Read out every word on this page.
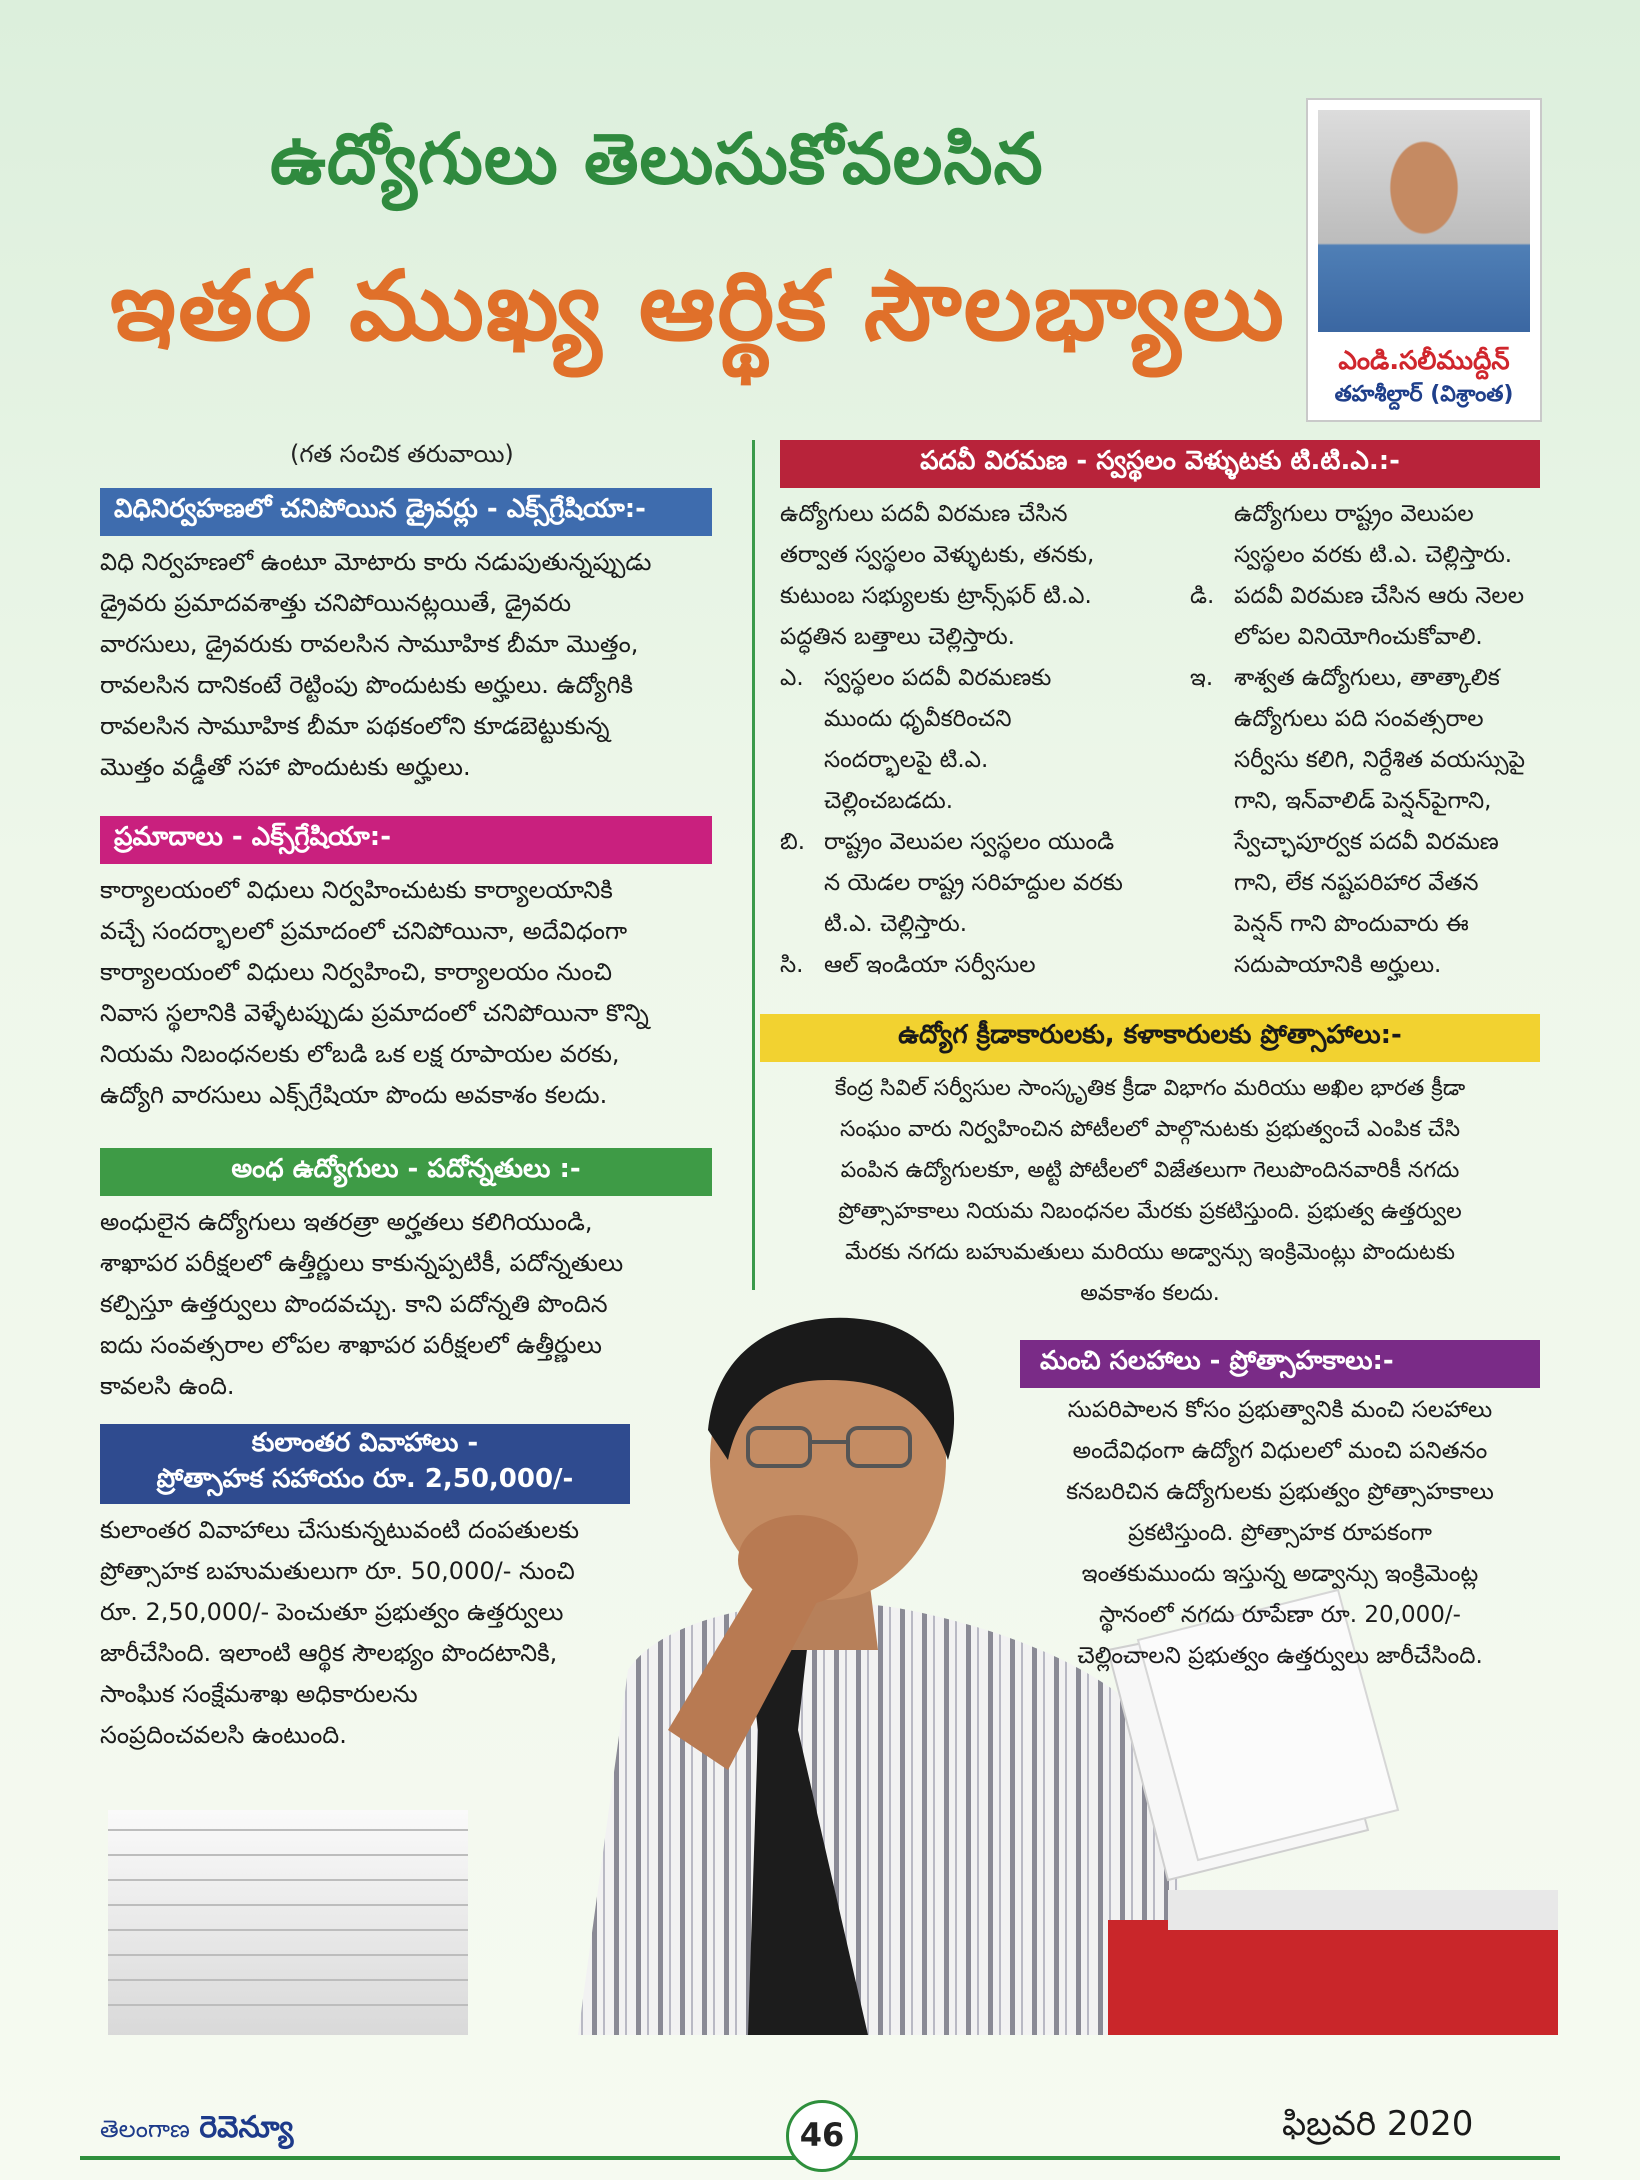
ఉద్యోగులు తెలుసుకోవలసిన
ఇతర ముఖ్య ఆర్థిక సౌలభ్యాలు	ఎండి.సలీముద్దీన్
తహశీల్దార్ (విశ్రాంత)
(గత సంచిక తరువాయి)
విధినిర్వహణలో చనిపోయిన డ్రైవర్లు - ఎక్స్‌గ్రేషియా:-
విధి నిర్వహణలో ఉంటూ మోటారు కారు నడుపుతున్నప్పుడు
డ్రైవరు ప్రమాదవశాత్తు చనిపోయినట్లయితే, డ్రైవరు
వారసులు, డ్రైవరుకు రావలసిన సామూహిక బీమా మొత్తం,
రావలసిన దానికంటే రెట్టింపు పొందుటకు అర్హులు. ఉద్యోగికి
రావలసిన సామూహిక బీమా పథకంలోని కూడబెట్టుకున్న
మొత్తం వడ్డీతో సహా పొందుటకు అర్హులు.
ప్రమాదాలు - ఎక్స్‌గ్రేషియా:-
కార్యాలయంలో విధులు నిర్వహించుటకు కార్యాలయానికి
వచ్చే సందర్భాలలో ప్రమాదంలో చనిపోయినా, అదేవిధంగా
కార్యాలయంలో విధులు నిర్వహించి, కార్యాలయం నుంచి
నివాస స్థలానికి వెళ్ళేటప్పుడు ప్రమాదంలో చనిపోయినా కొన్ని
నియమ నిబంధనలకు లోబడి ఒక లక్ష రూపాయల వరకు,
ఉద్యోగి వారసులు ఎక్స్‌గ్రేషియా పొందు అవకాశం కలదు.
అంధ ఉద్యోగులు - పదోన్నతులు :-
అంధులైన ఉద్యోగులు ఇతరత్రా అర్హతలు కలిగియుండి,
శాఖాపర పరీక్షలలో ఉత్తీర్ణులు కాకున్నప్పటికీ, పదోన్నతులు
కల్పిస్తూ ఉత్తర్వులు పొందవచ్చు. కాని పదోన్నతి పొందిన
ఐదు సంవత్సరాల లోపల శాఖాపర పరీక్షలలో ఉత్తీర్ణులు
కావలసి ఉంది.
కులాంతర వివాహాలు -
ప్రోత్సాహక సహాయం రూ. 2,50,000/-
కులాంతర వివాహాలు చేసుకున్నటువంటి దంపతులకు
ప్రోత్సాహక బహుమతులుగా రూ. 50,000/- నుంచి
రూ. 2,50,000/- పెంచుతూ ప్రభుత్వం ఉత్తర్వులు
జారీచేసింది. ఇలాంటి ఆర్థిక సౌలభ్యం పొందటానికి,
సాంఘిక సంక్షేమశాఖ అధికారులను
సంప్రదించవలసి ఉంటుంది.
పదవీ విరమణ - స్వస్థలం వెళ్ళుటకు టి.టి.ఎ.:-
ఉద్యోగులు పదవీ విరమణ చేసిన
తర్వాత స్వస్థలం వెళ్ళుటకు, తనకు,
కుటుంబ సభ్యులకు ట్రాన్స్‌ఫర్ టి.ఎ.
పద్ధతిన బత్తాలు చెల్లిస్తారు.
ఎ. స్వస్థలం పదవీ విరమణకు
ముందు ధృవీకరించని
సందర్భాలపై టి.ఎ.
చెల్లించబడదు.
బి. రాష్ట్రం వెలుపల స్వస్థలం యుండి
న యెడల రాష్ట్ర సరిహద్దుల వరకు
టి.ఎ. చెల్లిస్తారు.
సి. ఆల్ ఇండియా సర్వీసుల
ఉద్యోగులు రాష్ట్రం వెలుపల
స్వస్థలం వరకు టి.ఎ. చెల్లిస్తారు.
డి. పదవీ విరమణ చేసిన ఆరు నెలల
లోపల వినియోగించుకోవాలి.
ఇ. శాశ్వత ఉద్యోగులు, తాత్కాలిక
ఉద్యోగులు పది సంవత్సరాల
సర్వీసు కలిగి, నిర్దేశిత వయస్సుపై
గాని, ఇన్‌వాలిడ్ పెన్షన్‌పైగాని,
స్వేచ్ఛాపూర్వక పదవీ విరమణ
గాని, లేక నష్టపరిహార వేతన
పెన్షన్ గాని పొందువారు ఈ
సదుపాయానికి అర్హులు.
ఉద్యోగ క్రీడాకారులకు, కళాకారులకు ప్రోత్సాహాలు:-
కేంద్ర సివిల్ సర్వీసుల సాంస్కృతిక క్రీడా విభాగం మరియు అఖిల భారత క్రీడా
సంఘం వారు నిర్వహించిన పోటీలలో పాల్గొనుటకు ప్రభుత్వంచే ఎంపిక చేసి
పంపిన ఉద్యోగులకూ, అట్టి పోటీలలో విజేతలుగా గెలుపొందినవారికీ నగదు
ప్రోత్సాహకాలు నియమ నిబంధనల మేరకు ప్రకటిస్తుంది. ప్రభుత్వ ఉత్తర్వుల
మేరకు నగదు బహుమతులు మరియు అడ్వాన్సు ఇంక్రిమెంట్లు పొందుటకు
అవకాశం కలదు.
మంచి సలహాలు - ప్రోత్సాహకాలు:-
సుపరిపాలన కోసం ప్రభుత్వానికి మంచి సలహాలు
అందేవిధంగా ఉద్యోగ విధులలో మంచి పనితనం
కనబరిచిన ఉద్యోగులకు ప్రభుత్వం ప్రోత్సాహకాలు
ప్రకటిస్తుంది. ప్రోత్సాహక రూపకంగా
ఇంతకుముందు ఇస్తున్న అడ్వాన్సు ఇంక్రిమెంట్ల
స్థానంలో నగదు రూపేణా రూ. 20,000/-
చెల్లించాలని ప్రభుత్వం ఉత్తర్వులు జారీచేసింది.
తెలంగాణ రెవెన్యూ	46	ఫిబ్రవరి 2020
